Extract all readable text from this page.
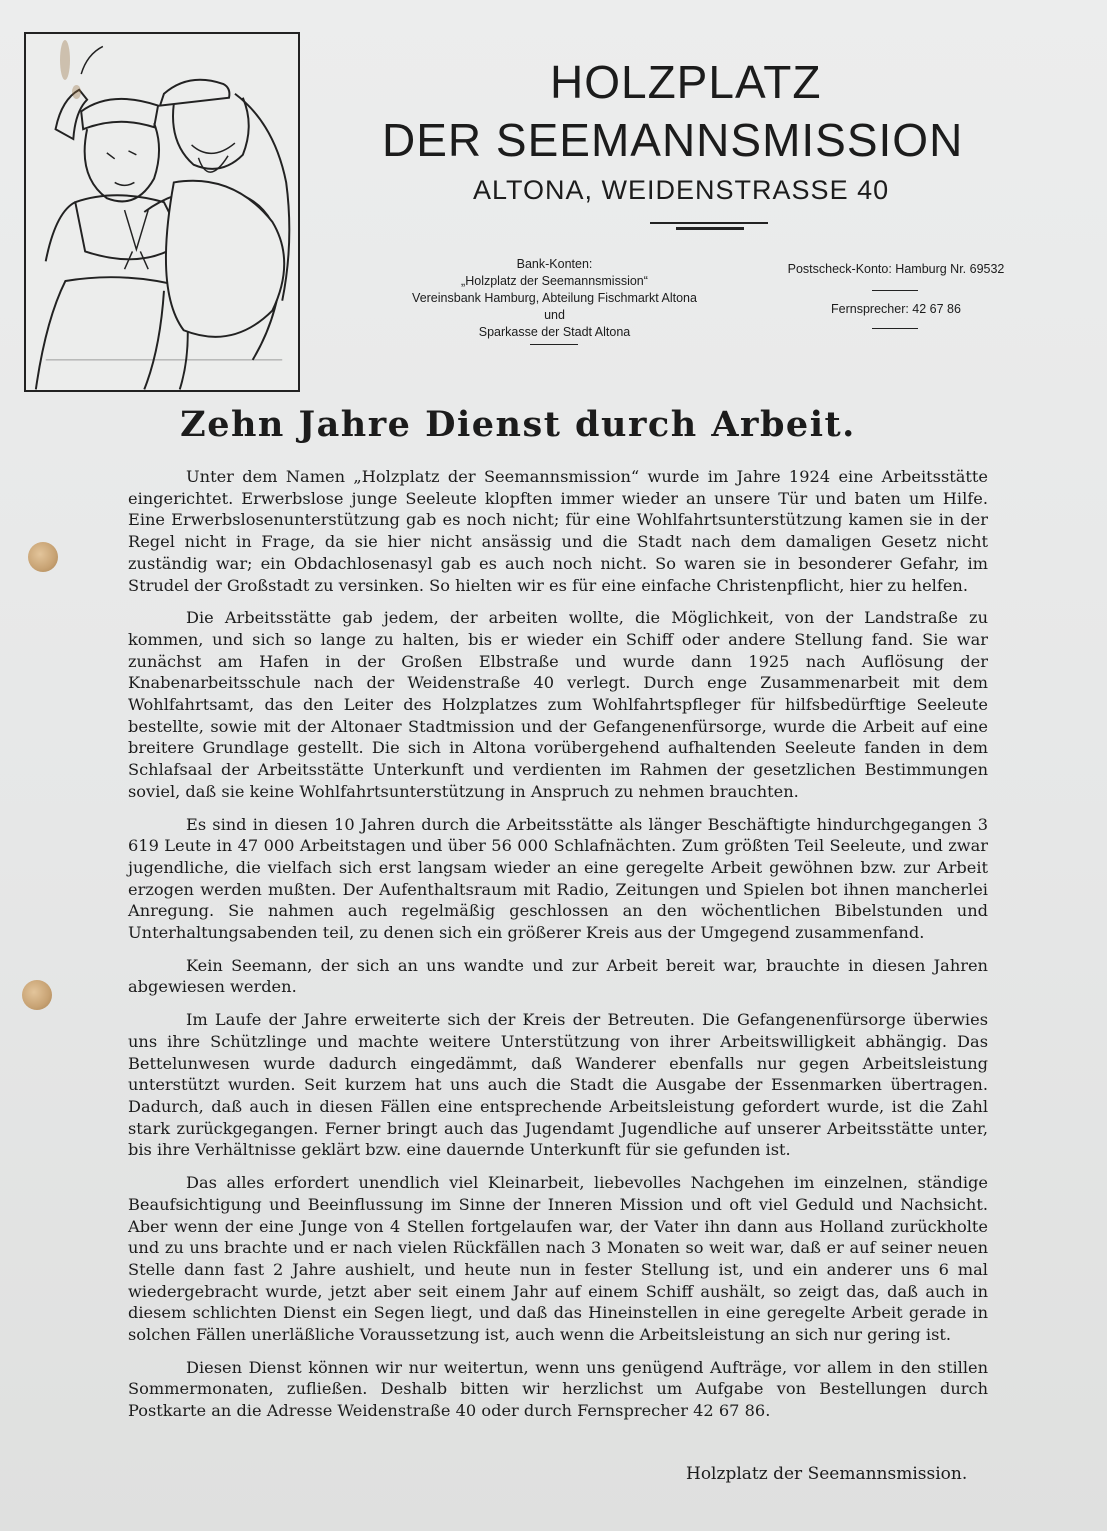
HOLZPLATZ
DER SEEMANNSMISSION
ALTONA, WEIDENSTRASSE 40
Bank-Konten:
„Holzplatz der Seemannsmission“
Vereinsbank Hamburg, Abteilung Fischmarkt Altona
und
Sparkasse der Stadt Altona
Postscheck-Konto: Hamburg Nr. 69532
Fernsprecher: 42 67 86
Zehn Jahre Dienst durch Arbeit.

Unter dem Namen „Holzplatz der Seemannsmission“ wurde im Jahre 1924 eine Arbeitsstätte eingerichtet. Erwerbslose junge Seeleute klopften immer wieder an unsere Tür und baten um Hilfe. Eine Erwerbslosenunterstützung gab es noch nicht; für eine Wohlfahrtsunterstützung kamen sie in der Regel nicht in Frage, da sie hier nicht ansässig und die Stadt nach dem damaligen Gesetz nicht zuständig war; ein Obdachlosenasyl gab es auch noch nicht. So waren sie in besonderer Gefahr, im Strudel der Großstadt zu versinken. So hielten wir es für eine einfache Christenpflicht, hier zu helfen.

Die Arbeitsstätte gab jedem, der arbeiten wollte, die Möglichkeit, von der Landstraße zu kommen, und sich so lange zu halten, bis er wieder ein Schiff oder andere Stellung fand. Sie war zunächst am Hafen in der Großen Elbstraße und wurde dann 1925 nach Auflösung der Knabenarbeitsschule nach der Weidenstraße 40 verlegt. Durch enge Zusammenarbeit mit dem Wohlfahrtsamt, das den Leiter des Holzplatzes zum Wohlfahrtspfleger für hilfsbedürftige Seeleute bestellte, sowie mit der Altonaer Stadtmission und der Gefangenenfürsorge, wurde die Arbeit auf eine breitere Grundlage gestellt. Die sich in Altona vorübergehend aufhaltenden Seeleute fanden in dem Schlafsaal der Arbeitsstätte Unterkunft und verdienten im Rahmen der gesetzlichen Bestimmungen soviel, daß sie keine Wohlfahrtsunterstützung in Anspruch zu nehmen brauchten.

Es sind in diesen 10 Jahren durch die Arbeitsstätte als länger Beschäftigte hindurchgegangen 3 619 Leute in 47 000 Arbeitstagen und über 56 000 Schlafnächten. Zum größten Teil Seeleute, und zwar jugendliche, die vielfach sich erst langsam wieder an eine geregelte Arbeit gewöhnen bzw. zur Arbeit erzogen werden mußten. Der Aufenthaltsraum mit Radio, Zeitungen und Spielen bot ihnen mancherlei Anregung. Sie nahmen auch regelmäßig geschlossen an den wöchentlichen Bibelstunden und Unterhaltungsabenden teil, zu denen sich ein größerer Kreis aus der Umgegend zusammenfand.

Kein Seemann, der sich an uns wandte und zur Arbeit bereit war, brauchte in diesen Jahren abgewiesen werden.

Im Laufe der Jahre erweiterte sich der Kreis der Betreuten. Die Gefangenenfürsorge überwies uns ihre Schützlinge und machte weitere Unterstützung von ihrer Arbeitswilligkeit abhängig. Das Bettelunwesen wurde dadurch eingedämmt, daß Wanderer ebenfalls nur gegen Arbeitsleistung unterstützt wurden. Seit kurzem hat uns auch die Stadt die Ausgabe der Essenmarken übertragen. Dadurch, daß auch in diesen Fällen eine entsprechende Arbeitsleistung gefordert wurde, ist die Zahl stark zurückgegangen. Ferner bringt auch das Jugendamt Jugendliche auf unserer Arbeitsstätte unter, bis ihre Verhältnisse geklärt bzw. eine dauernde Unterkunft für sie gefunden ist.

Das alles erfordert unendlich viel Kleinarbeit, liebevolles Nachgehen im einzelnen, ständige Beaufsichtigung und Beeinflussung im Sinne der Inneren Mission und oft viel Geduld und Nachsicht. Aber wenn der eine Junge von 4 Stellen fortgelaufen war, der Vater ihn dann aus Holland zurückholte und zu uns brachte und er nach vielen Rückfällen nach 3 Monaten so weit war, daß er auf seiner neuen Stelle dann fast 2 Jahre aushielt, und heute nun in fester Stellung ist, und ein anderer uns 6 mal wiedergebracht wurde, jetzt aber seit einem Jahr auf einem Schiff aushält, so zeigt das, daß auch in diesem schlichten Dienst ein Segen liegt, und daß das Hineinstellen in eine geregelte Arbeit gerade in solchen Fällen unerläßliche Voraussetzung ist, auch wenn die Arbeitsleistung an sich nur gering ist.

Diesen Dienst können wir nur weitertun, wenn uns genügend Aufträge, vor allem in den stillen Sommermonaten, zufließen. Deshalb bitten wir herzlichst um Aufgabe von Bestellungen durch Postkarte an die Adresse Weidenstraße 40 oder durch Fernsprecher 42 67 86.

Holzplatz der Seemannsmission.
